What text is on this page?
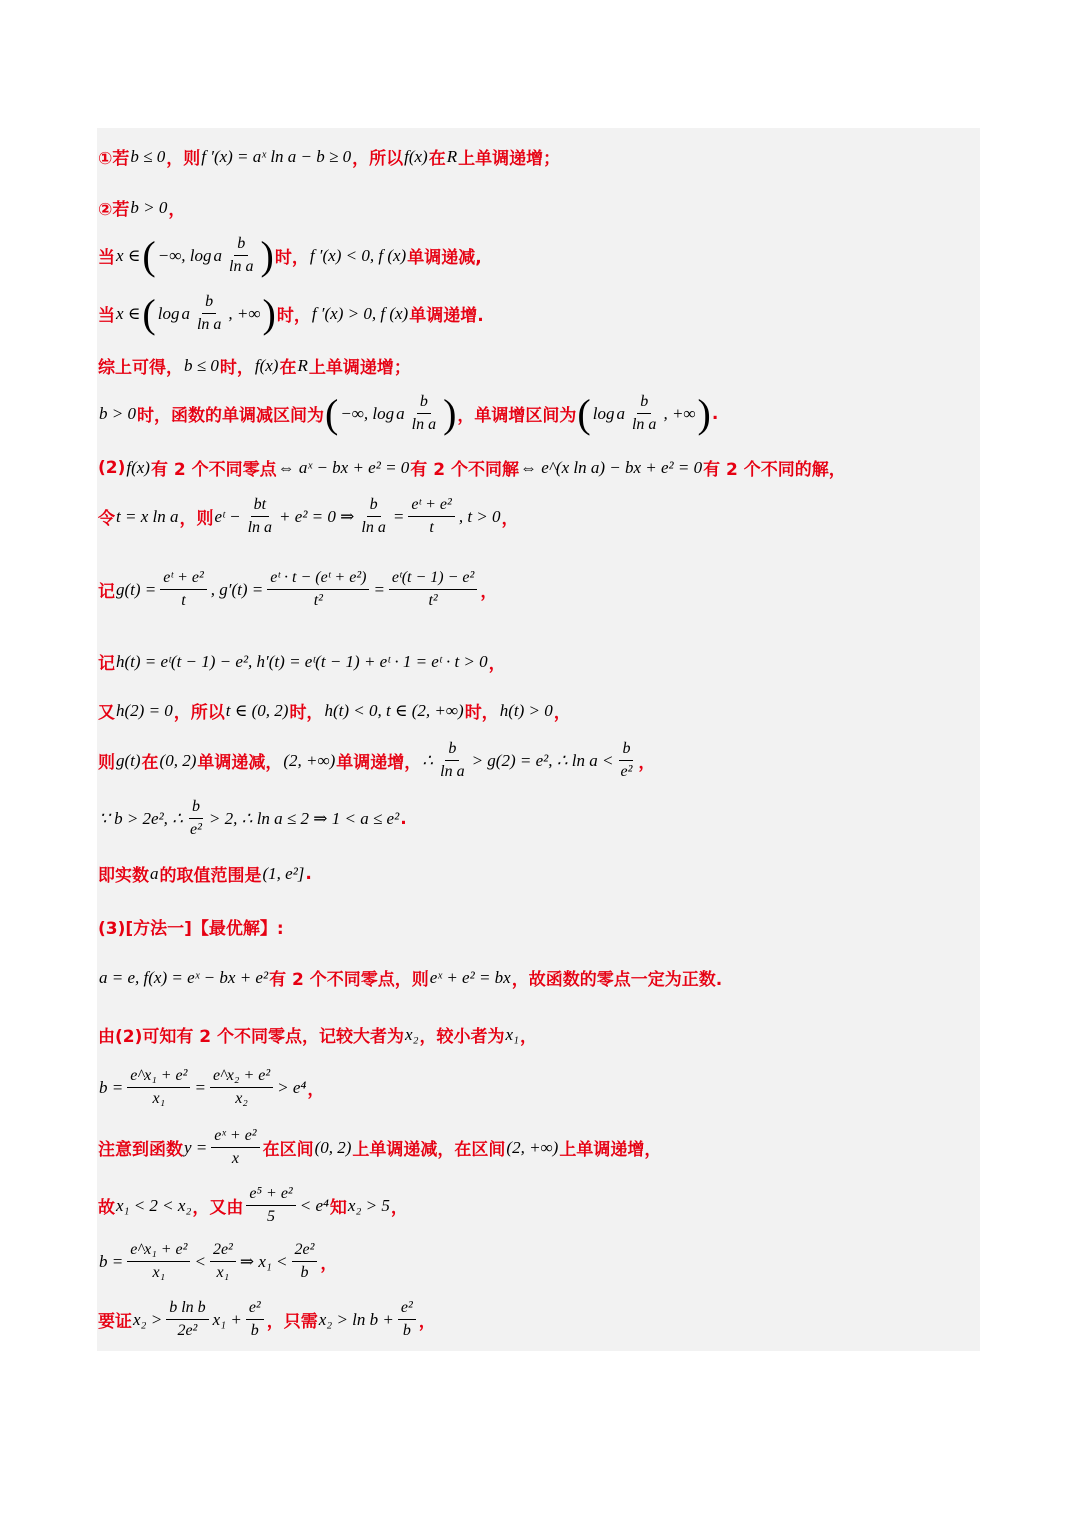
①若 b ≤ 0 ，则 f ′(x) = aˣ ln a − b ≥ 0 ，所以 f(x) 在 R 上单调递增；
②若 b > 0 ，
当 x ∈ ( −∞, log a $\frac{b}{\text{ln a}}$ ) 时， f ′(x) < 0, f (x) 单调递减,
当 x ∈ ( log a $\frac{b}{\text{ln a}}$ , +∞ ) 时， f ′(x) > 0, f (x) 单调递增.
综上可得， b ≤ 0 时， f(x) 在 R 上单调递增；
b > 0 时，函数的单调减区间为 ( −∞, log a $\frac{b}{\text{ln a}}$ ) ，单调增区间为 ( log a $\frac{b}{\text{ln a}}$ , +∞ ) .
(2) f(x) 有 2 个不同零点 ⇔ aˣ − bx + e² = 0 有 2 个不同解 ⇔ e^(x ln a) − bx + e² = 0 有 2 个不同的解，
令 t = x ln a ，则 eᵗ − $\frac{bt}{\text{ln a}} + e^2 = 0$ ⇒ $\frac{b}{\text{ln a}} = \frac{\text{eᵗ + e²}}{t}$ , t > 0 ，
记 $g(t) = \frac{\text{eᵗ + e²}}{t}$ , $g'(t) = \frac{\text{eᵗ · t − (eᵗ + e²)}}{\text{t²}} = \frac{\text{eᵗ(t − 1) − e²}}{\text{t²}}$ ，
记 h(t) = eᵗ(t − 1) − e², h′(t) = eᵗ(t − 1) + eᵗ · 1 = eᵗ · t > 0 ，
又 h(2) = 0 ，所以 t ∈ (0, 2) 时， h(t) < 0, t ∈ (2, +∞) 时， h(t) > 0 ，
则 g(t) 在 (0, 2) 单调递减， (2, +∞) 单调递增， ∴ $\frac{b}{\text{ln a}} > g(2) = e^2$, ∴ $\ln a < \frac{b}{\text{e²}}$ ，
∵ b > 2e², ∴ $\frac{b}{\text{e²}} > 2$, ∴ ln a ≤ 2 ⇒ 1 < a ≤ e² .
即实数 a 的取值范围是 (1, e²] .
(3)[方法一]【最优解】:
a = e, f(x) = eˣ − bx + e² 有 2 个不同零点，则 eˣ + e² = bx ，故函数的零点一定为正数.
由(2)可知有 2 个不同零点，记较大者为 x₂ ，较小者为 x₁ ，
$b = \frac{\text{e\textasciicircum{}x₁ + e²}}{\text{x₁}} = \frac{\text{e\textasciicircum{}x₂ + e²}}{\text{x₂}} > e^4$ ，
注意到函数 $y = \frac{\text{eˣ + e²}}{x}$ 在区间 (0, 2) 上单调递减，在区间 (2, +∞) 上单调递增，
故 x₁ < 2 < x₂ ，又由 $\frac{\text{e⁵ + e²}}{5} < e^4$ 知 x₂ > 5 ，
$b = \frac{\text{e\textasciicircum{}x₁ + e²}}{\text{x₁}} < \frac{\text{2e²}}{\text{x₁}}$ ⇒ $x_1 < \frac{\text{2e²}}{b}$ ，
要证 $x_2 > \frac{\text{b ln b}}{\text{2e²}} x_1 + \frac{\text{e²}}{b}$ ，只需 $x_2 > \ln b + \frac{\text{e²}}{b}$ ，
